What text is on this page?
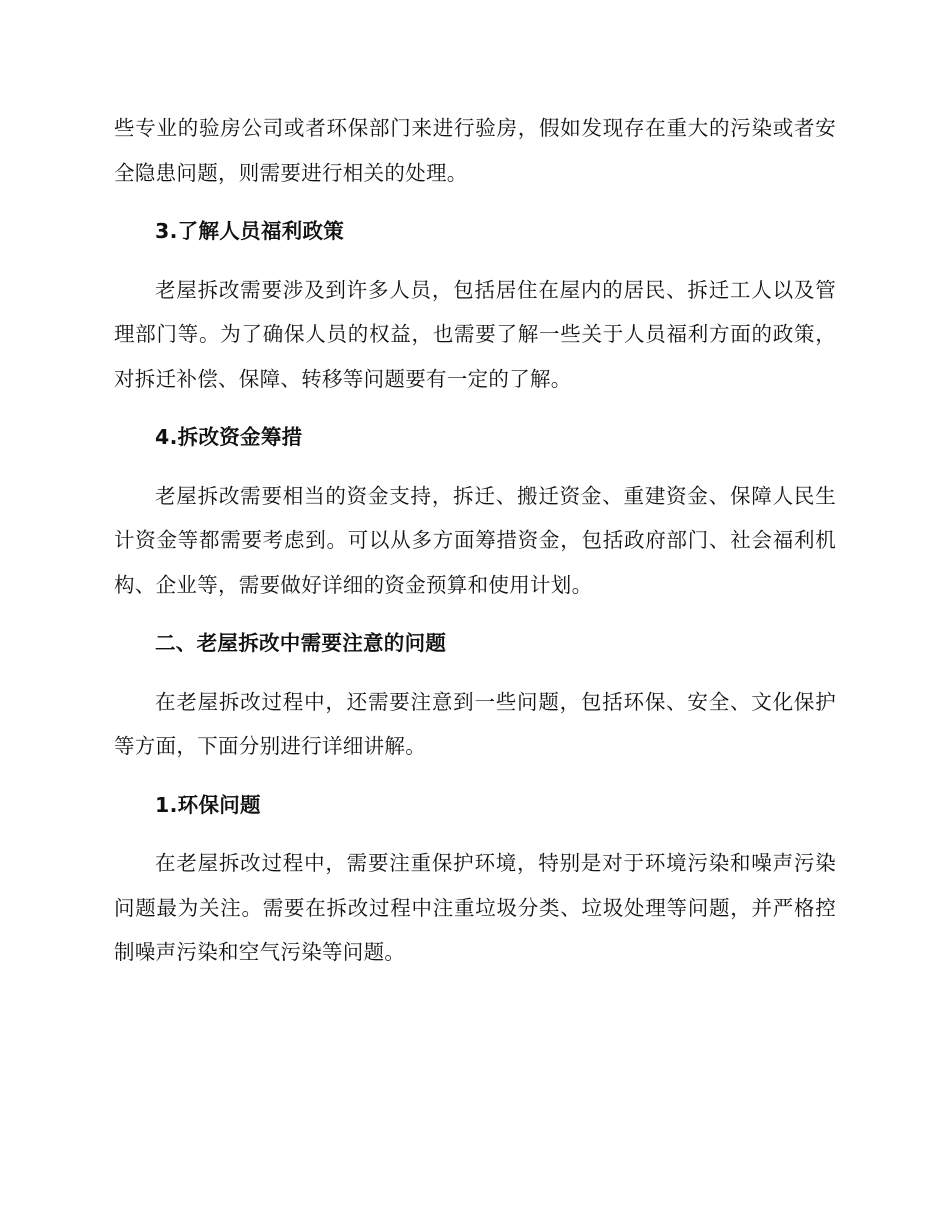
些专业的验房公司或者环保部门来进行验房，假如发现存在重大的污染或者安全隐患问题，则需要进行相关的处理。

3.了解人员福利政策

老屋拆改需要涉及到许多人员，包括居住在屋内的居民、拆迁工人以及管理部门等。为了确保人员的权益，也需要了解一些关于人员福利方面的政策，对拆迁补偿、保障、转移等问题要有一定的了解。

4.拆改资金筹措

老屋拆改需要相当的资金支持，拆迁、搬迁资金、重建资金、保障人民生计资金等都需要考虑到。可以从多方面筹措资金，包括政府部门、社会福利机构、企业等，需要做好详细的资金预算和使用计划。

二、老屋拆改中需要注意的问题

在老屋拆改过程中，还需要注意到一些问题，包括环保、安全、文化保护等方面，下面分别进行详细讲解。

1.环保问题

在老屋拆改过程中，需要注重保护环境，特别是对于环境污染和噪声污染问题最为关注。需要在拆改过程中注重垃圾分类、垃圾处理等问题，并严格控制噪声污染和空气污染等问题。
